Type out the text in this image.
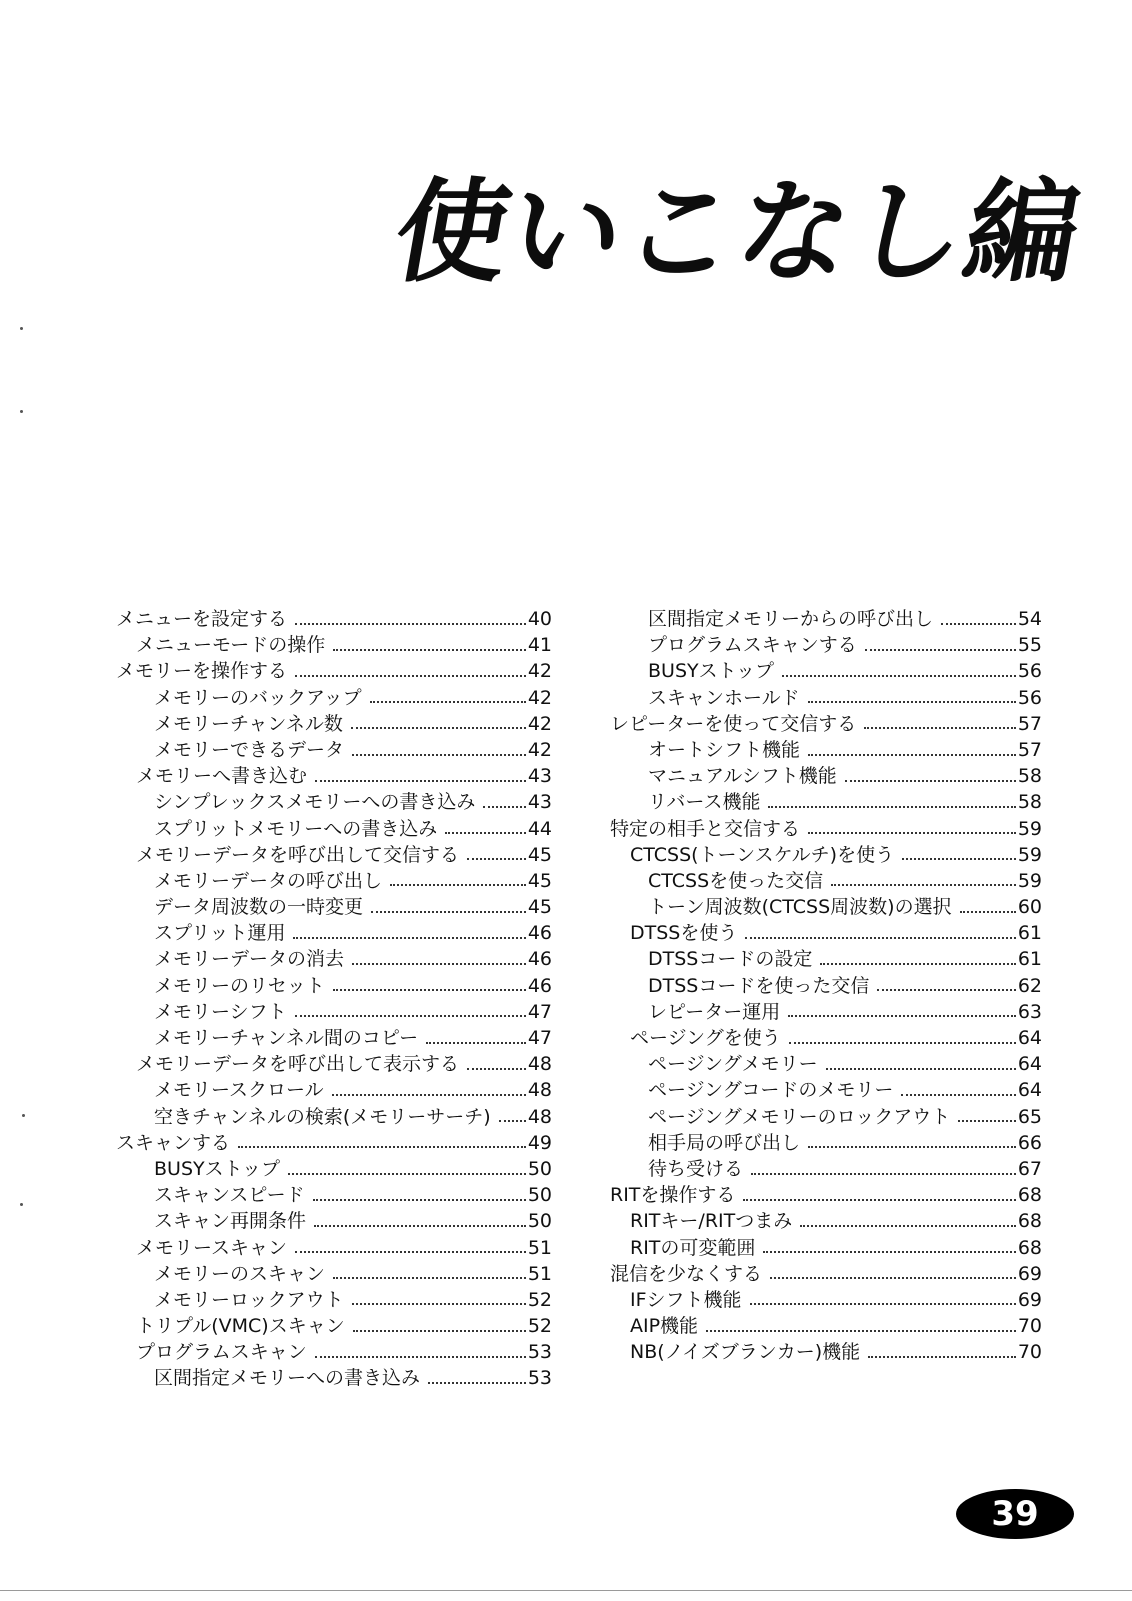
使いこなし編
メニューを設定する	40
メニューモードの操作	41
メモリーを操作する	42
メモリーのバックアップ	42
メモリーチャンネル数	42
メモリーできるデータ	42
メモリーへ書き込む	43
シンプレックスメモリーへの書き込み	43
スプリットメモリーへの書き込み	44
メモリーデータを呼び出して交信する	45
メモリーデータの呼び出し	45
データ周波数の一時変更	45
スプリット運用	46
メモリーデータの消去	46
メモリーのリセット	46
メモリーシフト	47
メモリーチャンネル間のコピー	47
メモリーデータを呼び出して表示する	48
メモリースクロール	48
空きチャンネルの検索(メモリーサーチ) 48
スキャンする	49
BUSYストップ	50
スキャンスピード	50
スキャン再開条件	50
メモリースキャン	51
メモリーのスキャン	51
メモリーロックアウト	52
トリプル(VMC)スキャン	52
プログラムスキャン	53
区間指定メモリーへの書き込み	53
区間指定メモリーからの呼び出し	54
プログラムスキャンする	55
BUSYストップ	56
スキャンホールド	56
レピーターを使って交信する	57
オートシフト機能	57
マニュアルシフト機能	58
リバース機能	58
特定の相手と交信する	59
CTCSS(トーンスケルチ)を使う	59
CTCSSを使った交信	59
トーン周波数(CTCSS周波数)の選択	60
DTSSを使う	61
DTSSコードの設定	61
DTSSコードを使った交信	62
レピーター運用	63
ページングを使う	64
ページングメモリー	64
ページングコードのメモリー	64
ページングメモリーのロックアウト	65
相手局の呼び出し	66
待ち受ける	67
RITを操作する	68
RITキー/RITつまみ	68
RITの可変範囲	68
混信を少なくする	69
IFシフト機能	69
AIP機能	70
NB(ノイズブランカー)機能	70
39
